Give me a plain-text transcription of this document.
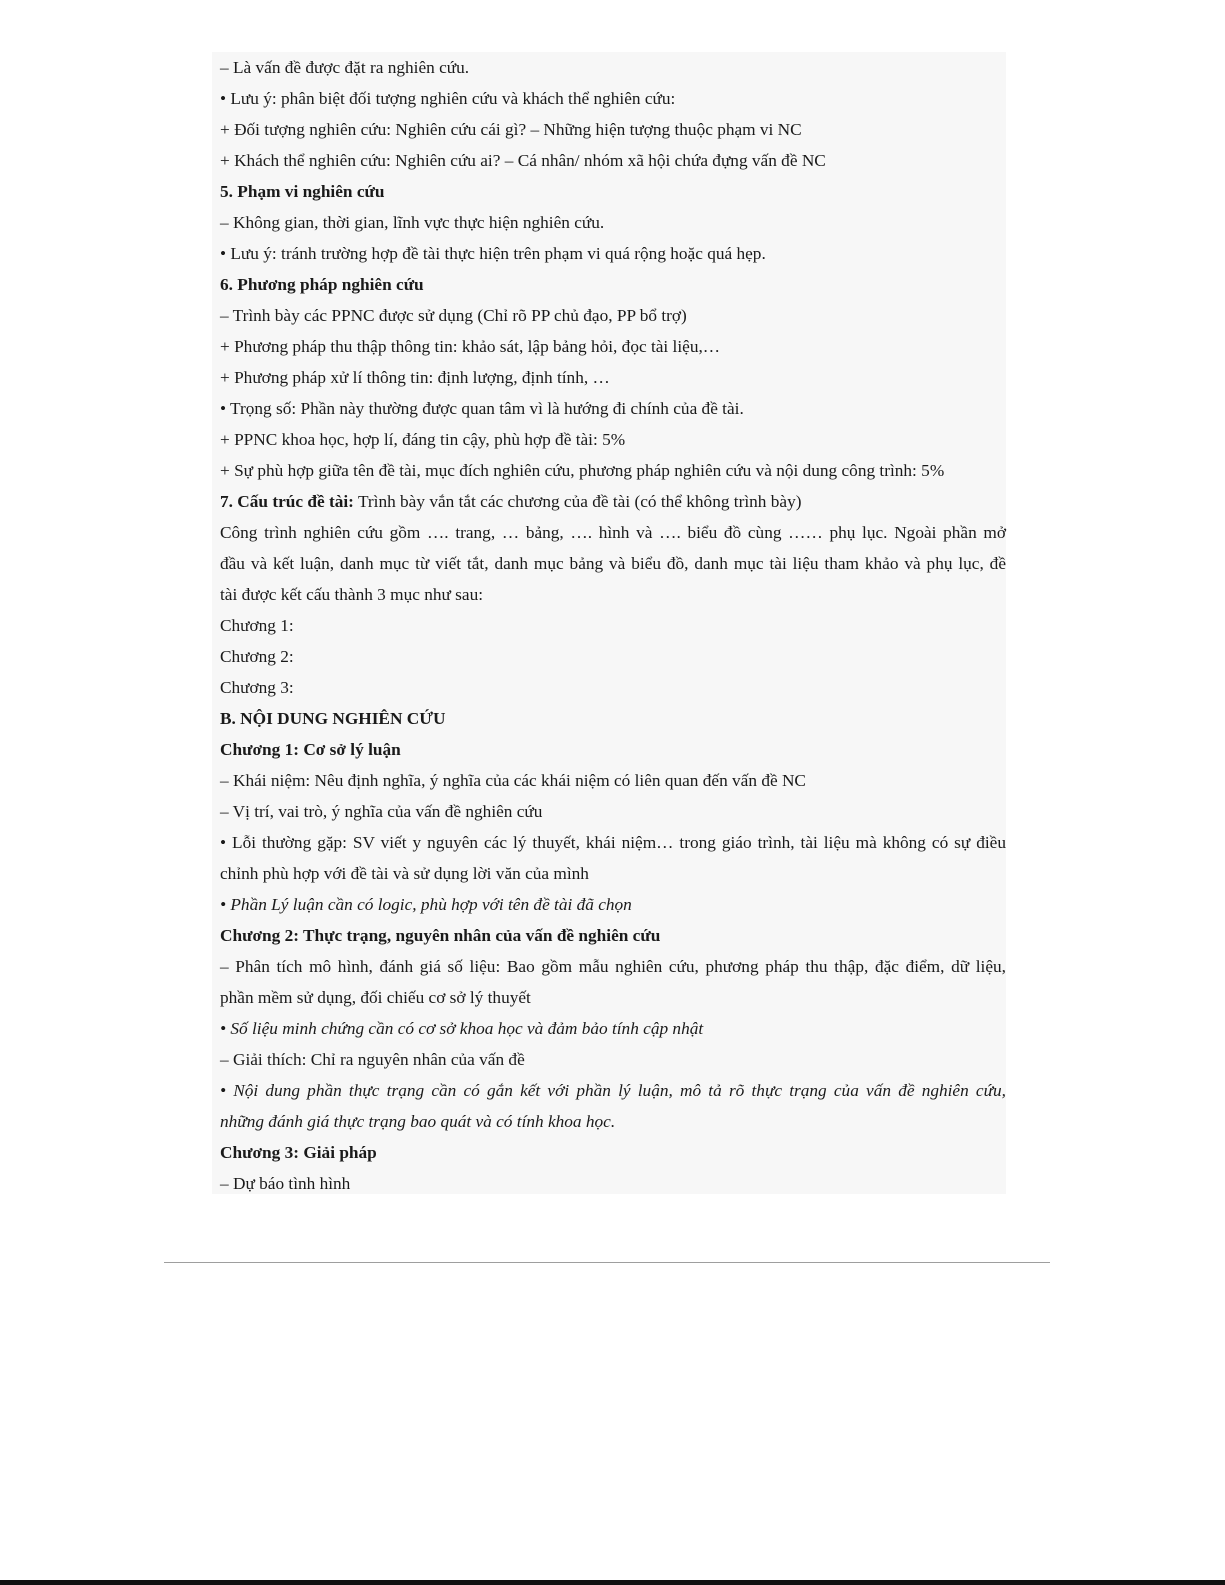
– Là vấn đề được đặt ra nghiên cứu.
• Lưu ý: phân biệt đối tượng nghiên cứu và khách thể nghiên cứu:
+ Đối tượng nghiên cứu: Nghiên cứu cái gì? – Những hiện tượng thuộc phạm vi NC
+ Khách thể nghiên cứu: Nghiên cứu ai? – Cá nhân/ nhóm xã hội chứa đựng vấn đề NC
5. Phạm vi nghiên cứu
– Không gian, thời gian, lĩnh vực thực hiện nghiên cứu.
• Lưu ý: tránh trường hợp đề tài thực hiện trên phạm vi quá rộng hoặc quá hẹp.
6. Phương pháp nghiên cứu
– Trình bày các PPNC được sử dụng (Chỉ rõ PP chủ đạo, PP bổ trợ)
+ Phương pháp thu thập thông tin: khảo sát, lập bảng hỏi, đọc tài liệu,…
+ Phương pháp xử lí thông tin: định lượng, định tính, …
• Trọng số: Phần này thường được quan tâm vì là hướng đi chính của đề tài.
+ PPNC khoa học, hợp lí, đáng tin cậy, phù hợp đề tài: 5%
+ Sự phù hợp giữa tên đề tài, mục đích nghiên cứu, phương pháp nghiên cứu và nội dung công trình: 5%
7. Cấu trúc đề tài: Trình bày vắn tắt các chương của đề tài (có thể không trình bày)
Công trình nghiên cứu gồm …. trang, … bảng, …. hình và …. biểu đồ cùng …… phụ lục. Ngoài phần mở
đầu và kết luận, danh mục từ viết tắt, danh mục bảng và biểu đồ, danh mục tài liệu tham khảo và phụ lục, đề
tài được kết cấu thành 3 mục như sau:
Chương 1:
Chương 2:
Chương 3:
B. NỘI DUNG NGHIÊN CỨU
Chương 1: Cơ sở lý luận
– Khái niệm: Nêu định nghĩa, ý nghĩa của các khái niệm có liên quan đến vấn đề NC
– Vị trí, vai trò, ý nghĩa của vấn đề nghiên cứu
• Lỗi thường gặp: SV viết y nguyên các lý thuyết, khái niệm… trong giáo trình, tài liệu mà không có sự điều
chỉnh phù hợp với đề tài và sử dụng lời văn của mình
• Phần Lý luận cần có logic, phù hợp với tên đề tài đã chọn
Chương 2: Thực trạng, nguyên nhân của vấn đề nghiên cứu
– Phân tích mô hình, đánh giá số liệu: Bao gồm mẫu nghiên cứu, phương pháp thu thập, đặc điểm, dữ liệu,
phần mềm sử dụng, đối chiếu cơ sở lý thuyết
• Số liệu minh chứng cần có cơ sở khoa học và đảm bảo tính cập nhật
– Giải thích: Chỉ ra nguyên nhân của vấn đề
• Nội dung phần thực trạng cần có gắn kết với phần lý luận, mô tả rõ thực trạng của vấn đề nghiên cứu,
những đánh giá thực trạng bao quát và có tính khoa học.
Chương 3: Giải pháp
– Dự báo tình hình
